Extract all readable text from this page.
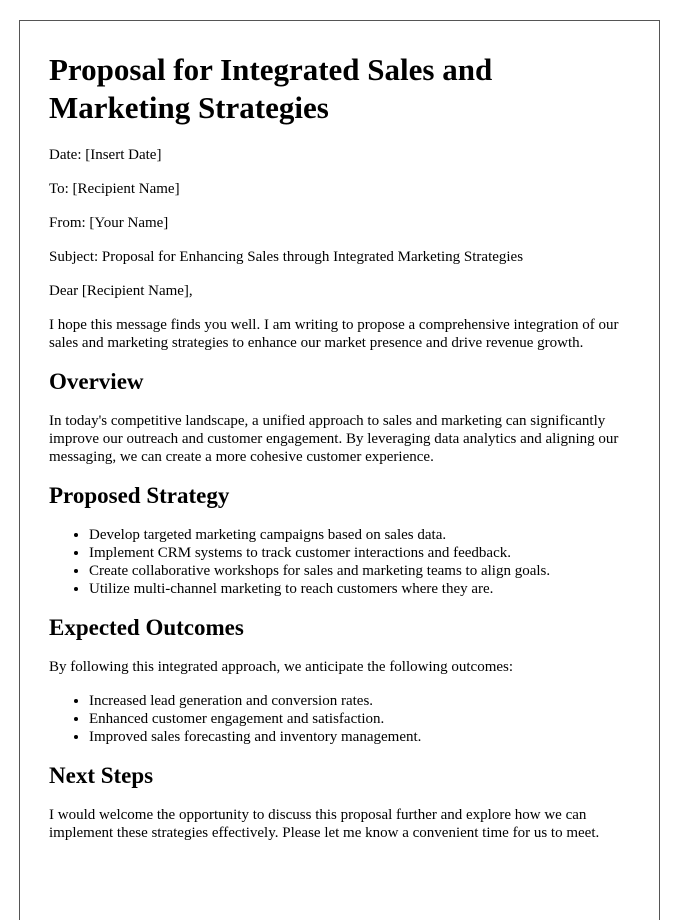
Proposal for Integrated Sales and Marketing Strategies

Date: [Insert Date]

To: [Recipient Name]

From: [Your Name]

Subject: Proposal for Enhancing Sales through Integrated Marketing Strategies

Dear [Recipient Name],

I hope this message finds you well. I am writing to propose a comprehensive integration of our sales and marketing strategies to enhance our market presence and drive revenue growth.

Overview

In today's competitive landscape, a unified approach to sales and marketing can significantly improve our outreach and customer engagement. By leveraging data analytics and aligning our messaging, we can create a more cohesive customer experience.

Proposed Strategy
• Develop targeted marketing campaigns based on sales data.
• Implement CRM systems to track customer interactions and feedback.
• Create collaborative workshops for sales and marketing teams to align goals.
• Utilize multi-channel marketing to reach customers where they are.
Expected Outcomes

By following this integrated approach, we anticipate the following outcomes:

• Increased lead generation and conversion rates.
• Enhanced customer engagement and satisfaction.
• Improved sales forecasting and inventory management.
Next Steps

I would welcome the opportunity to discuss this proposal further and explore how we can implement these strategies effectively. Please let me know a convenient time for us to meet.
